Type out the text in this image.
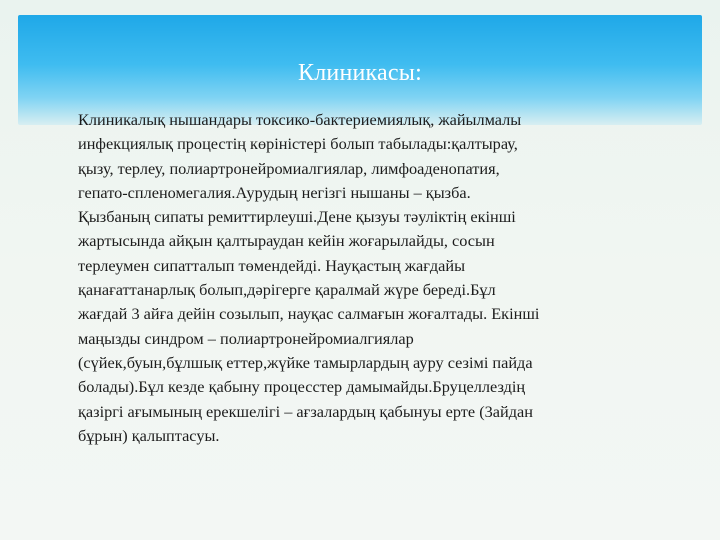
Клиникасы:
Клиникалық нышандары токсико-бактериемиялық, жайылмалы
инфекциялық процестің көріністері болып табылады:қалтырау,
қызу, терлеу, полиартронейромиалгиялар, лимфоаденопатия,
гепато-спленомегалия.Аурудың негізгі нышаны – қызба.
Қызбаның сипаты ремиттирлеуші.Дене қызуы тәуліктің екінші
жартысында айқын қалтыраудан кейін жоғарылайды, сосын
терлеумен сипатталып төмендейді. Науқастың жағдайы
қанағаттанарлық болып,дәрігерге қаралмай жүре береді.Бұл
жағдай 3 айға дейін созылып, науқас салмағын жоғалтады. Екінші
маңызды синдром – полиартронейромиалгиялар
(сүйек,буын,бұлшық еттер,жүйке тамырлардың ауру сезімі пайда
болады).Бұл кезде қабыну процесстер дамымайды.Бруцеллездің
қазіргі ағымының ерекшелігі – ағзалардың қабынуы ерте (3айдан
бұрын) қалыптасуы.
